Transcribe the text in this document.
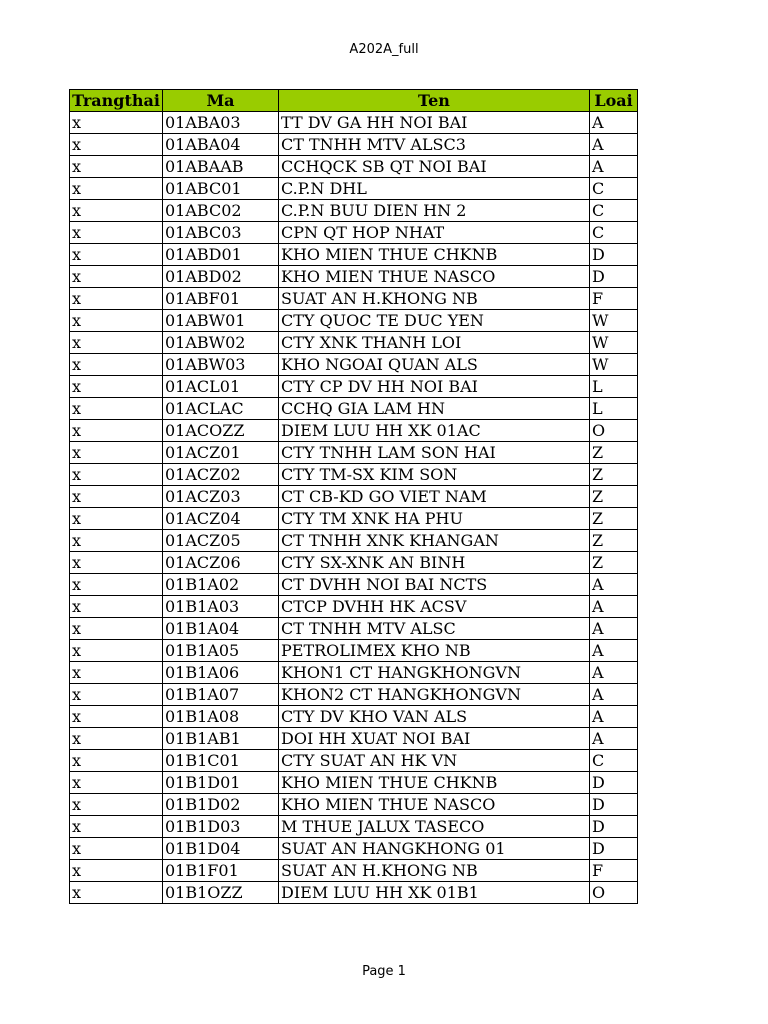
A202A_full
Trangthai	Ma	Ten	Loai
x	01ABA03	TT DV GA HH NOI BAI	A
x	01ABA04	CT TNHH MTV ALSC3	A
x	01ABAAB	CCHQCK SB QT NOI BAI	A
x	01ABC01	C.P.N DHL	C
x	01ABC02	C.P.N BUU DIEN HN 2	C
x	01ABC03	CPN QT HOP NHAT	C
x	01ABD01	KHO MIEN THUE CHKNB	D
x	01ABD02	KHO MIEN THUE NASCO	D
x	01ABF01	SUAT AN H.KHONG NB	F
x	01ABW01	CTY QUOC TE DUC YEN	W
x	01ABW02	CTY XNK THANH LOI	W
x	01ABW03	KHO NGOAI QUAN ALS	W
x	01ACL01	CTY CP DV HH NOI BAI	L
x	01ACLAC	CCHQ GIA LAM HN	L
x	01ACOZZ	DIEM LUU HH XK 01AC	O
x	01ACZ01	CTY TNHH LAM SON HAI	Z
x	01ACZ02	CTY TM-SX KIM SON	Z
x	01ACZ03	CT CB-KD GO VIET NAM	Z
x	01ACZ04	CTY TM XNK HA PHU	Z
x	01ACZ05	CT TNHH XNK KHANGAN	Z
x	01ACZ06	CTY SX-XNK AN BINH	Z
x	01B1A02	CT DVHH NOI BAI NCTS	A
x	01B1A03	CTCP DVHH HK ACSV	A
x	01B1A04	CT TNHH MTV ALSC	A
x	01B1A05	PETROLIMEX KHO NB	A
x	01B1A06	KHON1 CT HANGKHONGVN	A
x	01B1A07	KHON2 CT HANGKHONGVN	A
x	01B1A08	CTY DV KHO VAN ALS	A
x	01B1AB1	DOI HH XUAT NOI BAI	A
x	01B1C01	CTY SUAT AN HK VN	C
x	01B1D01	KHO MIEN THUE CHKNB	D
x	01B1D02	KHO MIEN THUE NASCO	D
x	01B1D03	M THUE JALUX TASECO	D
x	01B1D04	SUAT AN HANGKHONG 01	D
x	01B1F01	SUAT AN H.KHONG NB	F
x	01B1OZZ	DIEM LUU HH XK 01B1	O
Page 1
